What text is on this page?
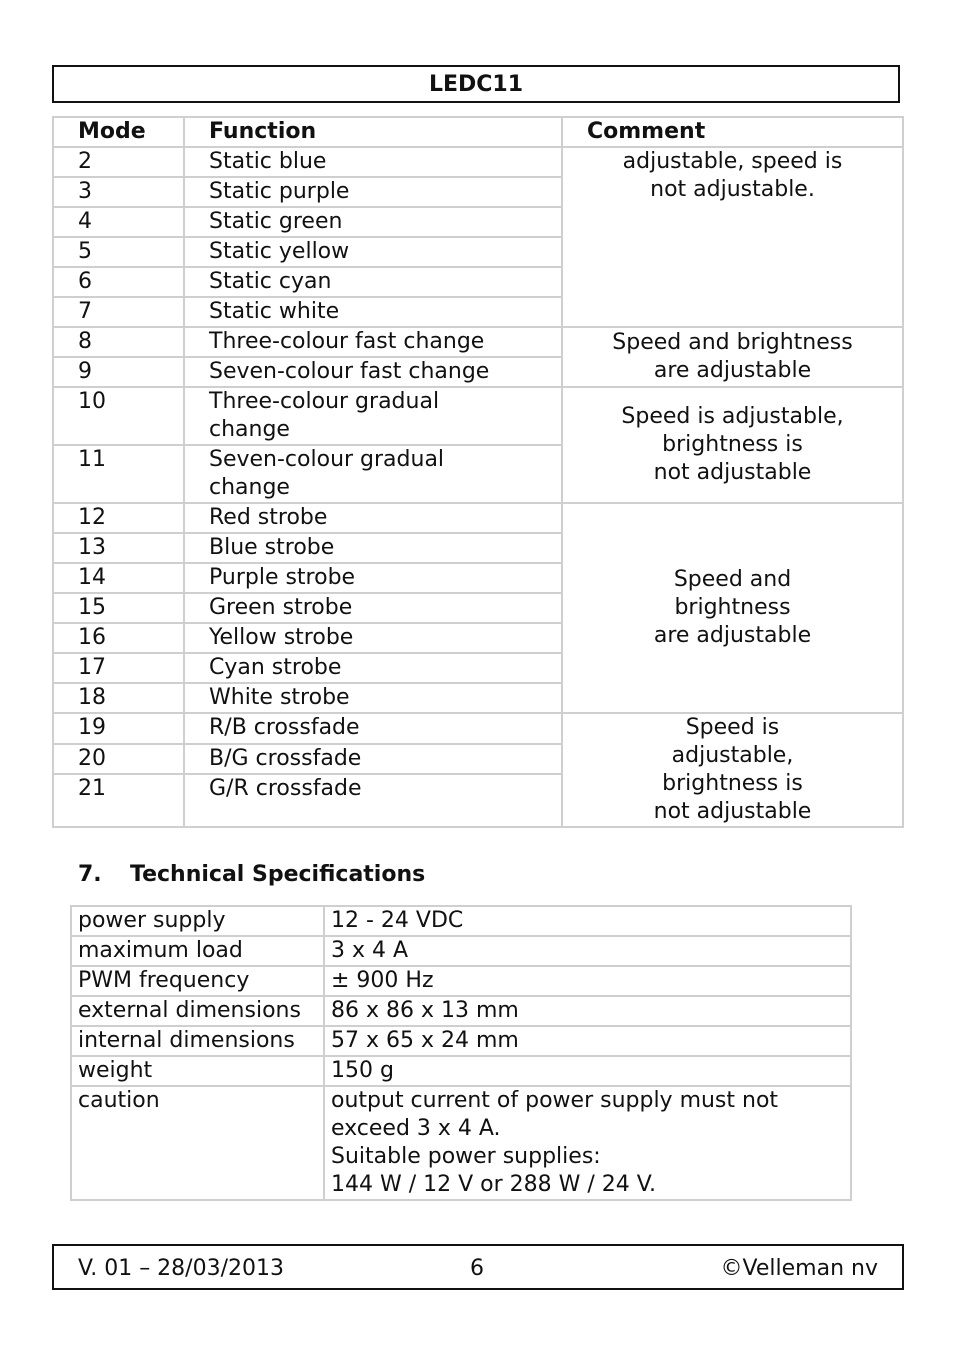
LEDC11
Mode	Function	Comment
2	Static blue	adjustable, speed is
not adjustable.
3	Static purple	
4	Static green	
5	Static yellow	
6	Static cyan	
7	Static white	
8	Three-colour fast change	Speed and brightness
are adjustable
9	Seven-colour fast change	
10	Three-colour gradual
change	Speed is adjustable,
brightness is
not adjustable
11	Seven-colour gradual
change	
12	Red strobe	Speed and
brightness
are adjustable
13	Blue strobe	
14	Purple strobe	
15	Green strobe	
16	Yellow strobe	
17	Cyan strobe	
18	White strobe	
19	R/B crossfade	Speed is
adjustable,
brightness is
not adjustable
20	B/G crossfade	
21	G/R crossfade	
7. Technical Specifications
power supply	12 - 24 VDC
maximum load	3 x 4 A
PWM frequency	± 900 Hz
external dimensions	86 x 86 x 13 mm
internal dimensions	57 x 65 x 24 mm
weight	150 g
caution	output current of power supply must not
exceed 3 x 4 A.
Suitable power supplies:
144 W / 12 V or 288 W / 24 V.
V. 01 – 28/03/2013	6	©Velleman nv
